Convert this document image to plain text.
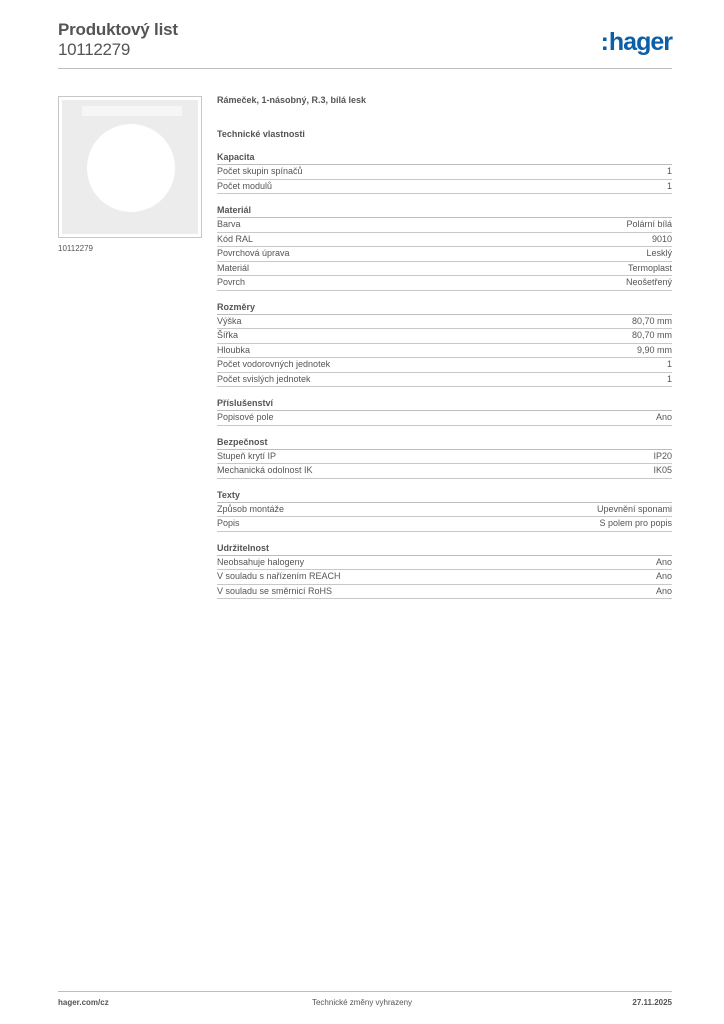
Produktový list
10112279	:hager
10112279
Rámeček, 1-násobný, R.3, bílá lesk
Technické vlastnosti
Kapacita
Počet skupin spínačů	1
Počet modulů	1
Materiál
Barva	Polární bílá
Kód RAL	9010
Povrchová úprava	Lesklý
Materiál	Termoplast
Povrch	Neošetřený
Rozměry
Výška	80,70 mm
Šířka	80,70 mm
Hloubka	9,90 mm
Počet vodorovných jednotek	1
Počet svislých jednotek	1
Příslušenství
Popisové pole	Ano
Bezpečnost
Stupeň krytí IP	IP20
Mechanická odolnost IK	IK05
Texty
Způsob montáže	Upevnění sponami
Popis	S polem pro popis
Udržitelnost
Neobsahuje halogeny	Ano
V souladu s nařízením REACH	Ano
V souladu se směrnicí RoHS	Ano
hager.com/cz	Technické změny vyhrazeny	27.11.2025
